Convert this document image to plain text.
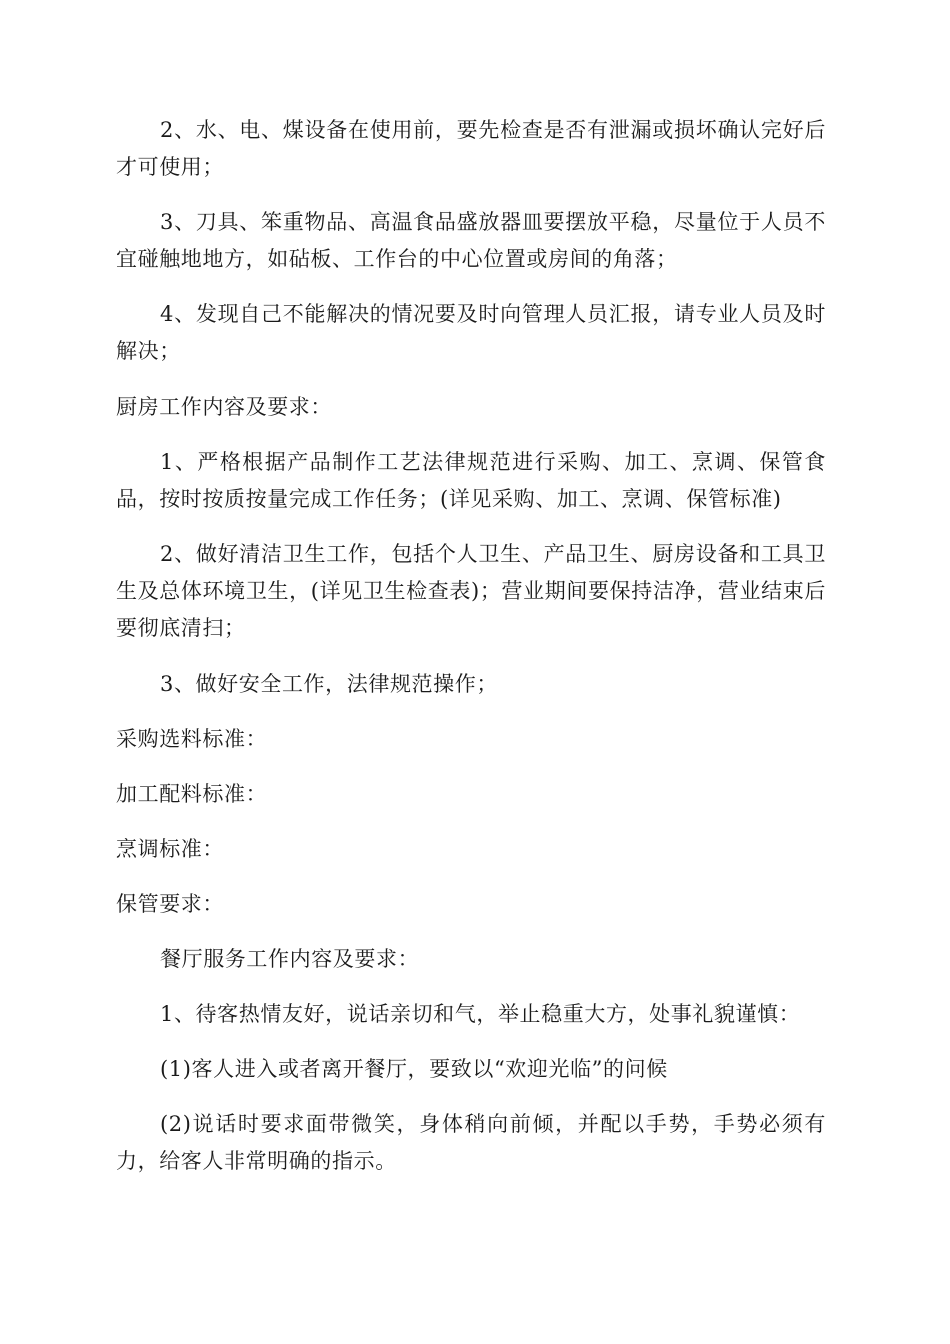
2、水、电、煤设备在使用前，要先检查是否有泄漏或损坏确认完好后才可使用；

3、刀具、笨重物品、高温食品盛放器皿要摆放平稳，尽量位于人员不宜碰触地地方，如砧板、工作台的中心位置或房间的角落；

4、发现自己不能解决的情况要及时向管理人员汇报，请专业人员及时解决；

厨房工作内容及要求：

1、严格根据产品制作工艺法律规范进行采购、加工、烹调、保管食品，按时按质按量完成工作任务；(详见采购、加工、烹调、保管标准)

2、做好清洁卫生工作，包括个人卫生、产品卫生、厨房设备和工具卫生及总体环境卫生，(详见卫生检查表)；营业期间要保持洁净，营业结束后要彻底清扫；

3、做好安全工作，法律规范操作；

采购选料标准：

加工配料标准：

烹调标准：

保管要求：

餐厅服务工作内容及要求：

1、待客热情友好，说话亲切和气，举止稳重大方，处事礼貌谨慎：

(1)客人进入或者离开餐厅，要致以“欢迎光临”的问候

(2)说话时要求面带微笑，身体稍向前倾，并配以手势，手势必须有力，给客人非常明确的指示。
